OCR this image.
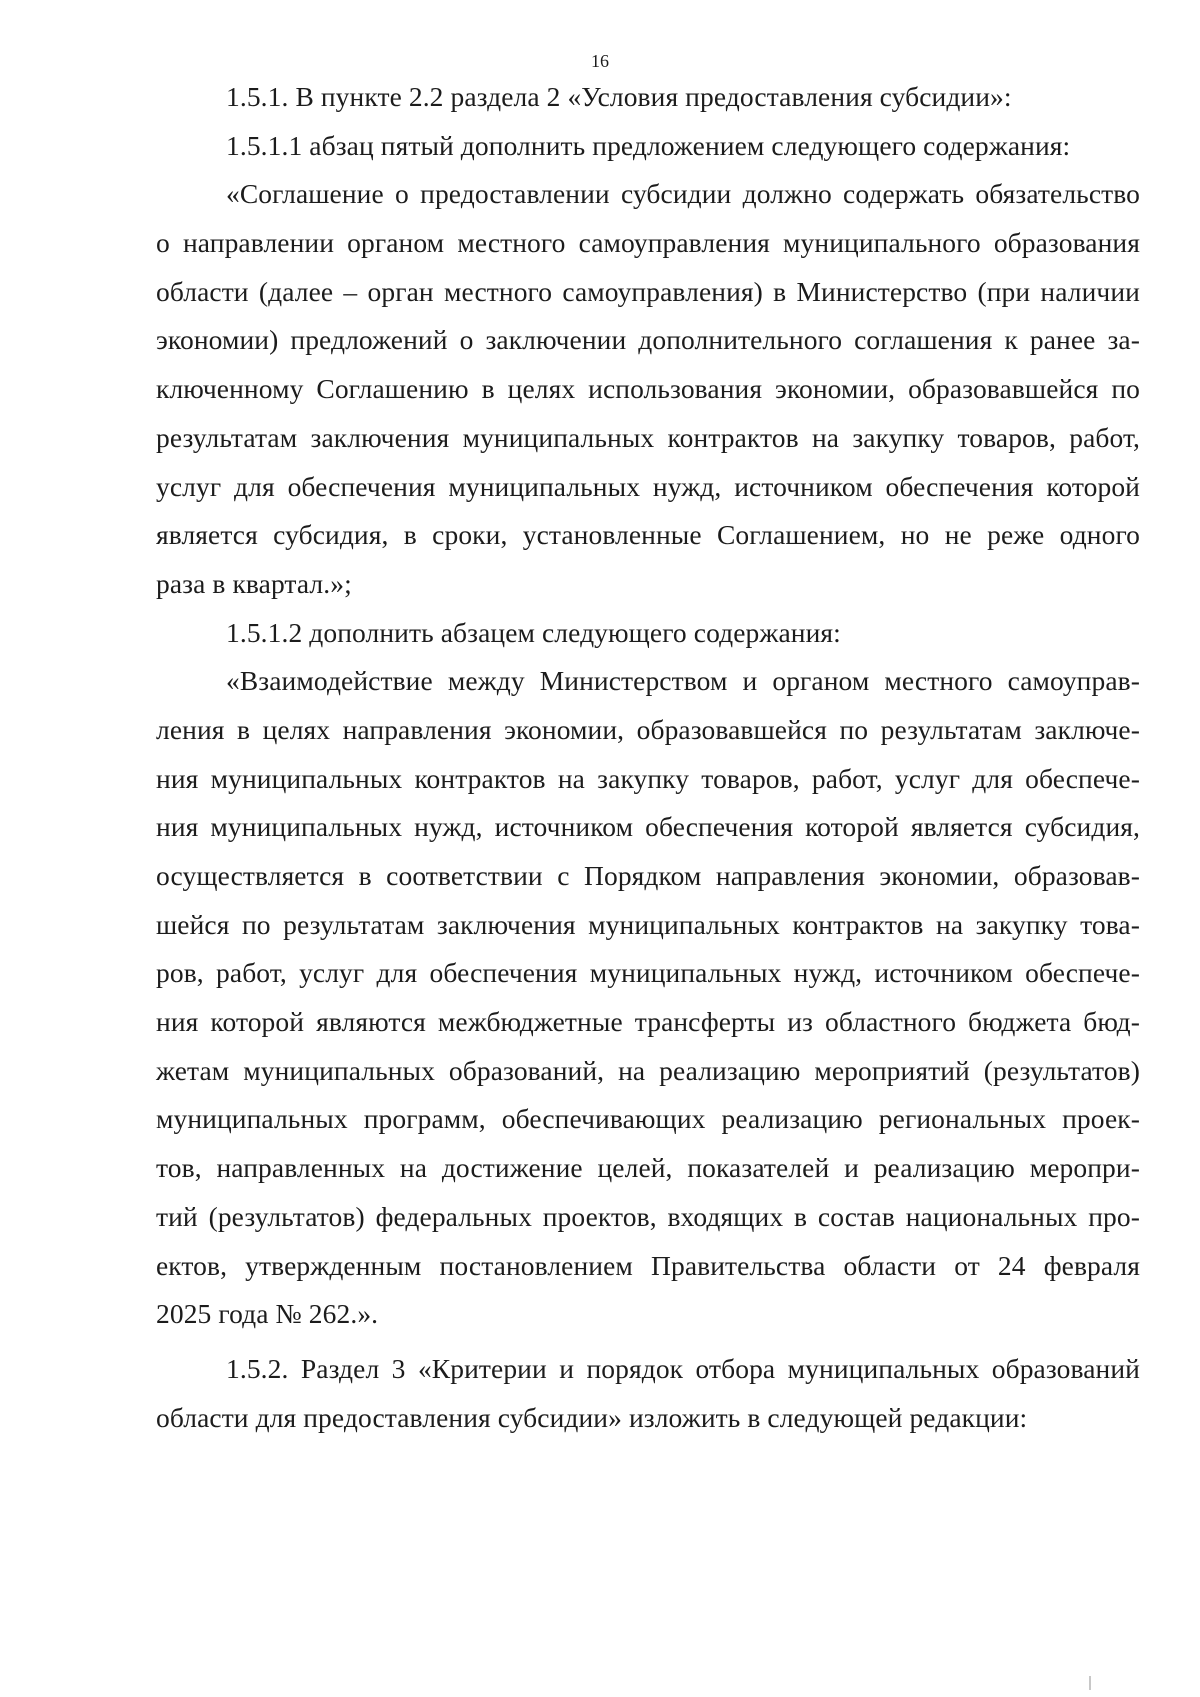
16
1.5.1. В пункте 2.2 раздела 2 «Условия предоставления субсидии»:
1.5.1.1 абзац пятый дополнить предложением следующего содержания:
«Соглашение о предоставлении субсидии должно содержать обязательство
о направлении органом местного самоуправления муниципального образования
области (далее – орган местного самоуправления) в Министерство (при наличии
экономии) предложений о заключении дополнительного соглашения к ранее за-
ключенному Соглашению в целях использования экономии, образовавшейся по
результатам заключения муниципальных контрактов на закупку товаров, работ,
услуг для обеспечения муниципальных нужд, источником обеспечения которой
является субсидия, в сроки, установленные Соглашением, но не реже одного
раза в квартал.»;
1.5.1.2 дополнить абзацем следующего содержания:
«Взаимодействие между Министерством и органом местного самоуправ-
ления в целях направления экономии, образовавшейся по результатам заключе-
ния муниципальных контрактов на закупку товаров, работ, услуг для обеспече-
ния муниципальных нужд, источником обеспечения которой является субсидия,
осуществляется в соответствии с Порядком направления экономии, образовав-
шейся по результатам заключения муниципальных контрактов на закупку това-
ров, работ, услуг для обеспечения муниципальных нужд, источником обеспече-
ния которой являются межбюджетные трансферты из областного бюджета бюд-
жетам муниципальных образований, на реализацию мероприятий (результатов)
муниципальных программ, обеспечивающих реализацию региональных проек-
тов, направленных на достижение целей, показателей и реализацию меропри-
тий (результатов) федеральных проектов, входящих в состав национальных про-
ектов, утвержденным постановлением Правительства области от 24 февраля
2025 года № 262.».
1.5.2. Раздел 3 «Критерии и порядок отбора муниципальных образований
области для предоставления субсидии» изложить в следующей редакции:
